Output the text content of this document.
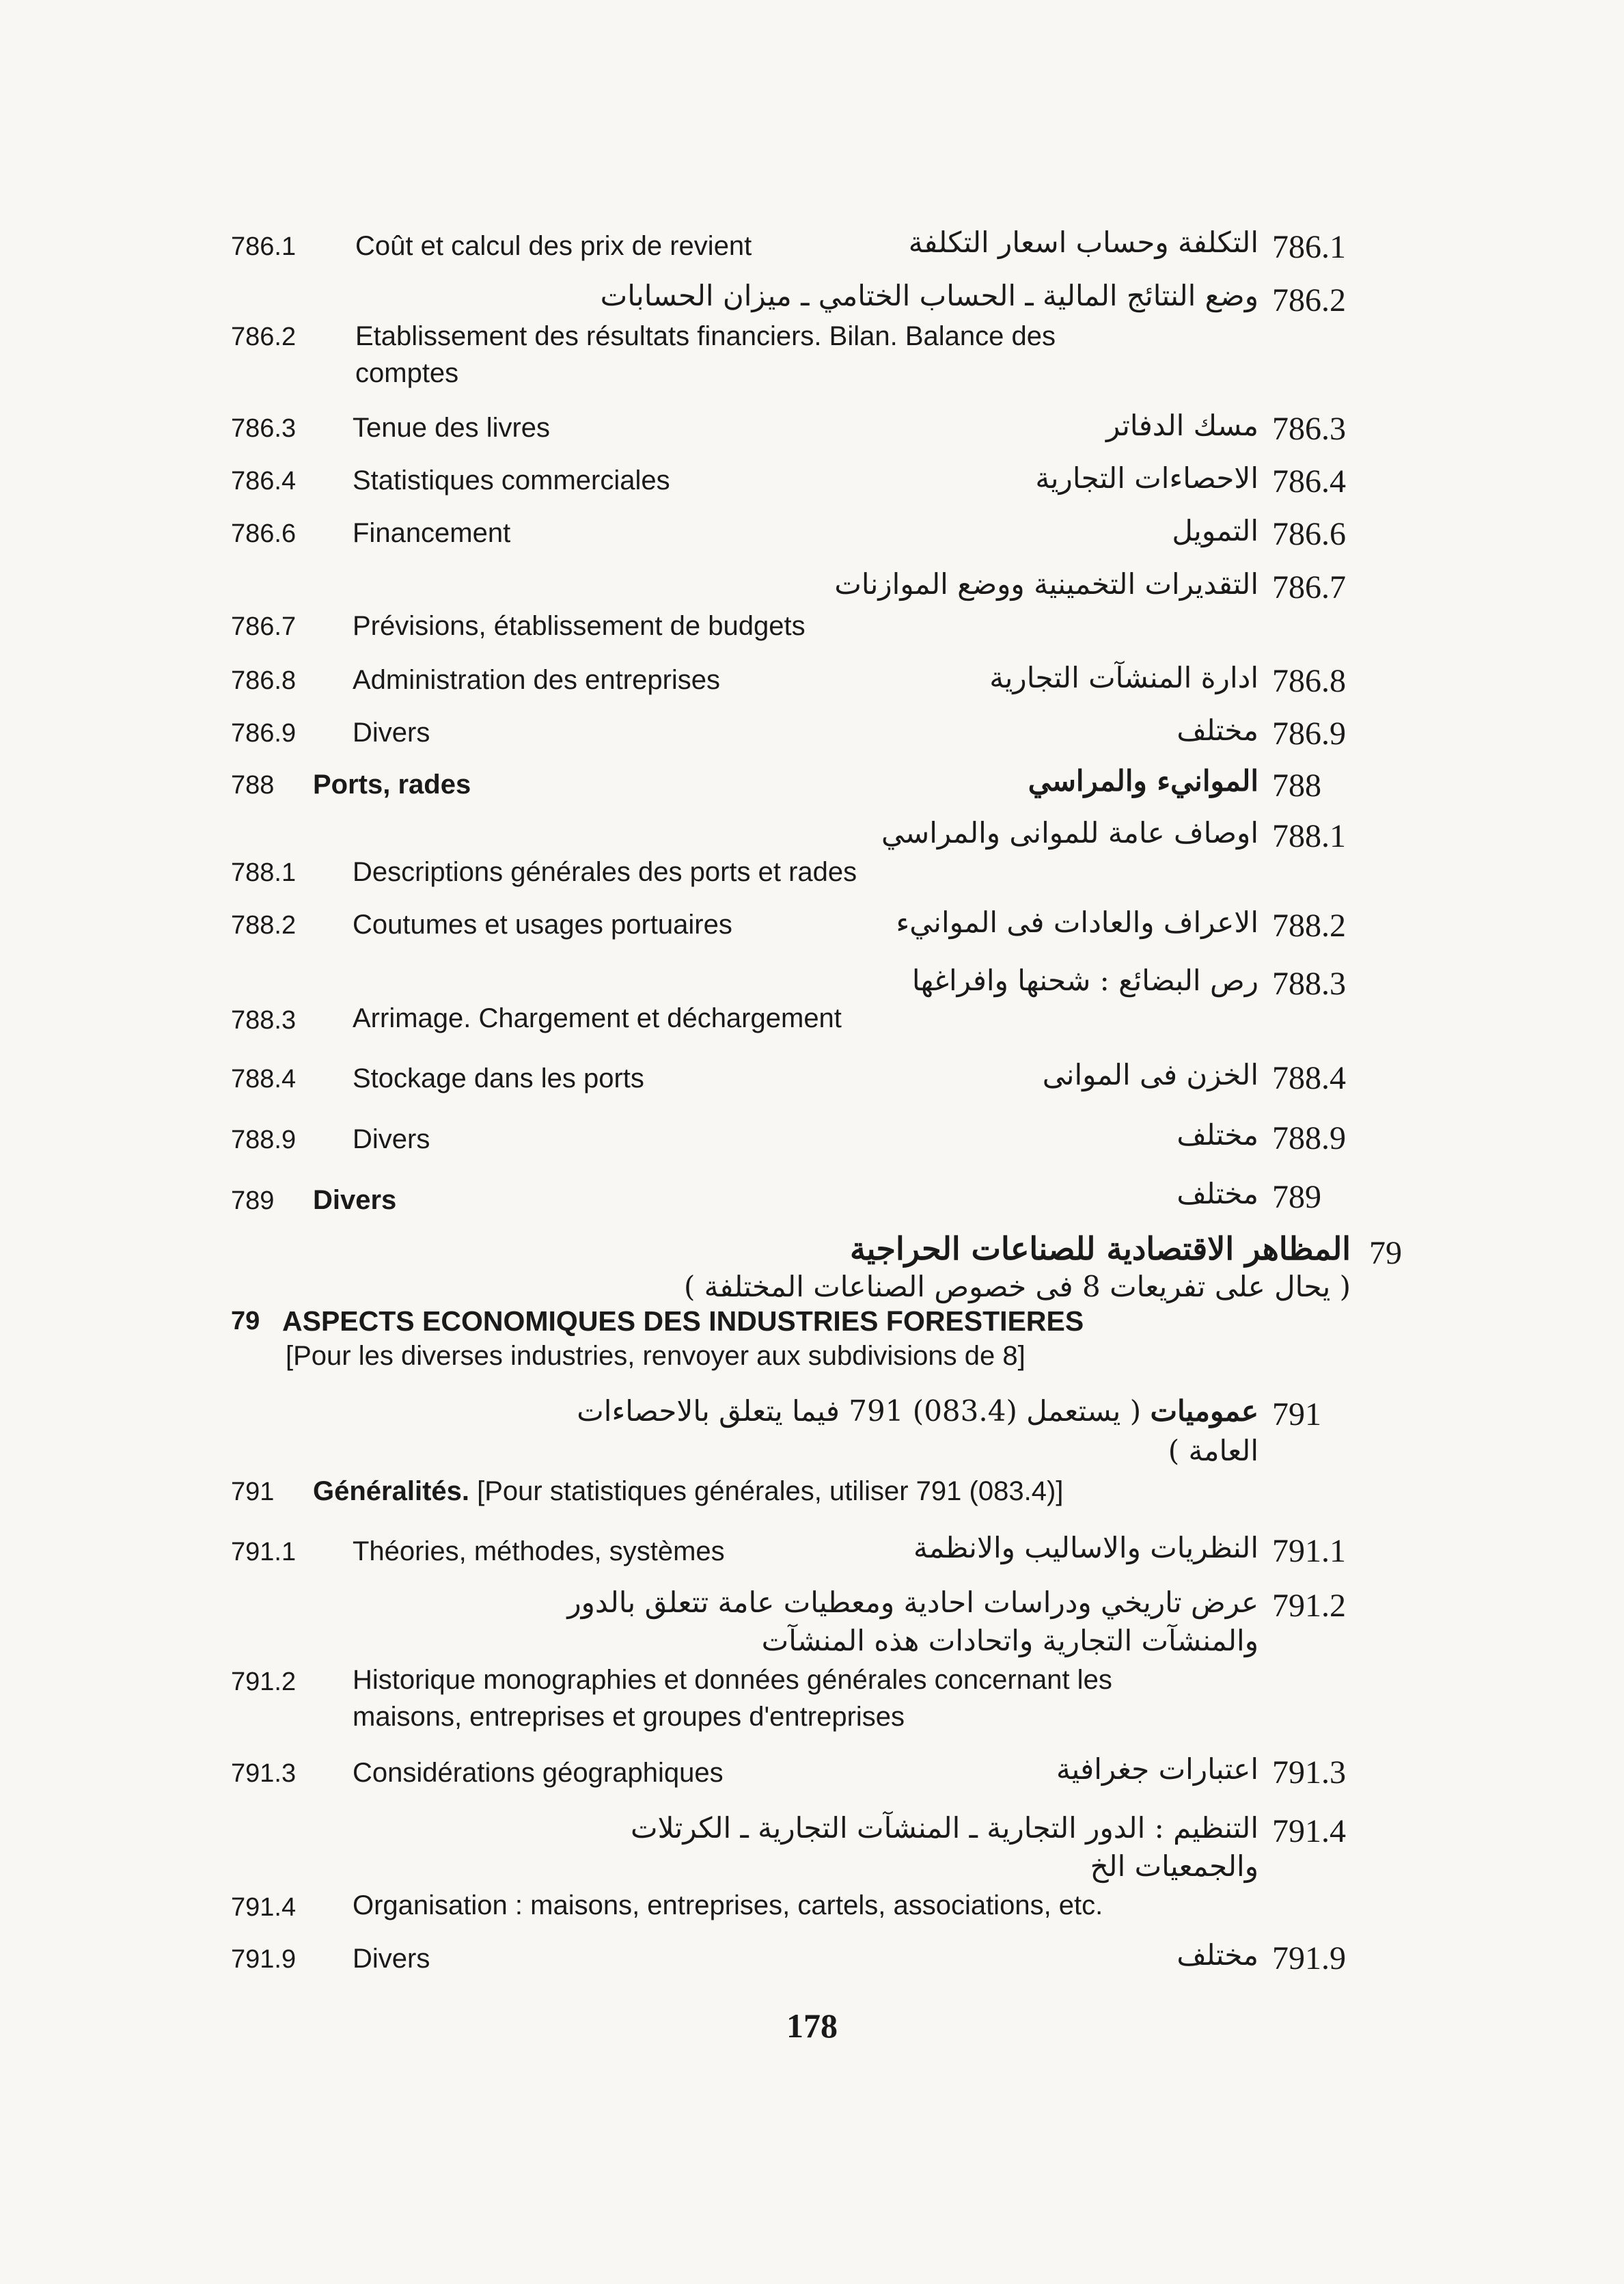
786.1 Coût et calcul des prix de revient	التكلفة وحساب اسعار التكلفة 786.1
وضع النتائج المالية ـ الحساب الختامي ـ ميزان الحسابات 786.2
786.2 Etablissement des résultats financiers. Bilan. Balance des
comptes
786.3 Tenue des livres	مسك الدفاتر 786.3
786.4 Statistiques commerciales	الاحصاءات التجارية 786.4
786.6 Financement	التمويل 786.6
التقديرات التخمينية ووضع الموازنات 786.7
786.7 Prévisions, établissement de budgets
786.8 Administration des entreprises	ادارة المنشآت التجارية 786.8
786.9 Divers	مختلف 786.9
788 Ports, rades	الموانيء والمراسي 788
اوصاف عامة للموانى والمراسي 788.1
788.1 Descriptions générales des ports et rades
788.2 Coutumes et usages portuaires	الاعراف والعادات فى الموانيء 788.2
رص البضائع : شحنها وافراغها 788.3
788.3 Arrimage. Chargement et déchargement
788.4 Stockage dans les ports	الخزن فى الموانى 788.4
788.9 Divers	مختلف 788.9
789 Divers	مختلف 789
المظاهر الاقتصادية للصناعات الحراجية 79
( يحال على تفريعات 8 فى خصوص الصناعات المختلفة )
79 ASPECTS ECONOMIQUES DES INDUSTRIES FORESTIERES
[Pour les diverses industries, renvoyer aux subdivisions de 8]
عموميات ( يستعمل (083.4) 791 فيما يتعلق بالاحصاءات	791
العامة )
791 Généralités. [Pour statistiques générales, utiliser 791 (083.4)]
791.1 Théories, méthodes, systèmes	النظريات والاساليب والانظمة 791.1
عرض تاريخي ودراسات احادية ومعطيات عامة تتعلق بالدور 791.2
والمنشآت التجارية واتحادات هذه المنشآت
791.2 Historique monographies et données générales concernant les
maisons, entreprises et groupes d'entreprises
791.3 Considérations géographiques	اعتبارات جغرافية 791.3
التنظيم : الدور التجارية ـ المنشآت التجارية ـ الكرتلات 791.4
والجمعيات الخ
791.4 Organisation : maisons, entreprises, cartels, associations, etc.
791.9 Divers	مختلف 791.9
178
